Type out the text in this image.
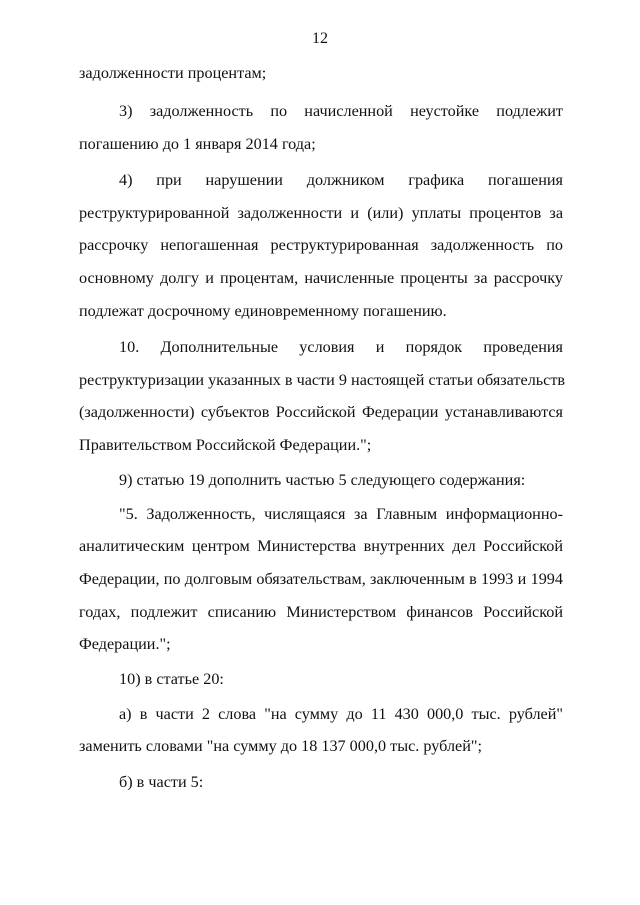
12
задолженности процентам;
3) задолженность по начисленной неустойке подлежит
погашению до 1 января 2014 года;
4) при нарушении должником графика погашения
реструктурированной задолженности и (или) уплаты процентов за
рассрочку непогашенная реструктурированная задолженность по
основному долгу и процентам, начисленные проценты за рассрочку
подлежат досрочному единовременному погашению.
10. Дополнительные условия и порядок проведения
реструктуризации указанных в части 9 настоящей статьи обязательств
(задолженности) субъектов Российской Федерации устанавливаются
Правительством Российской Федерации.";
9) статью 19 дополнить частью 5 следующего содержания:
"5. Задолженность, числящаяся за Главным информационно-
аналитическим центром Министерства внутренних дел Российской
Федерации, по долговым обязательствам, заключенным в 1993 и 1994
годах, подлежит списанию Министерством финансов Российской
Федерации.";
10) в статье 20:
а) в части 2 слова "на сумму до 11 430 000,0 тыс. рублей"
заменить словами "на сумму до 18 137 000,0 тыс. рублей";
б) в части 5:
